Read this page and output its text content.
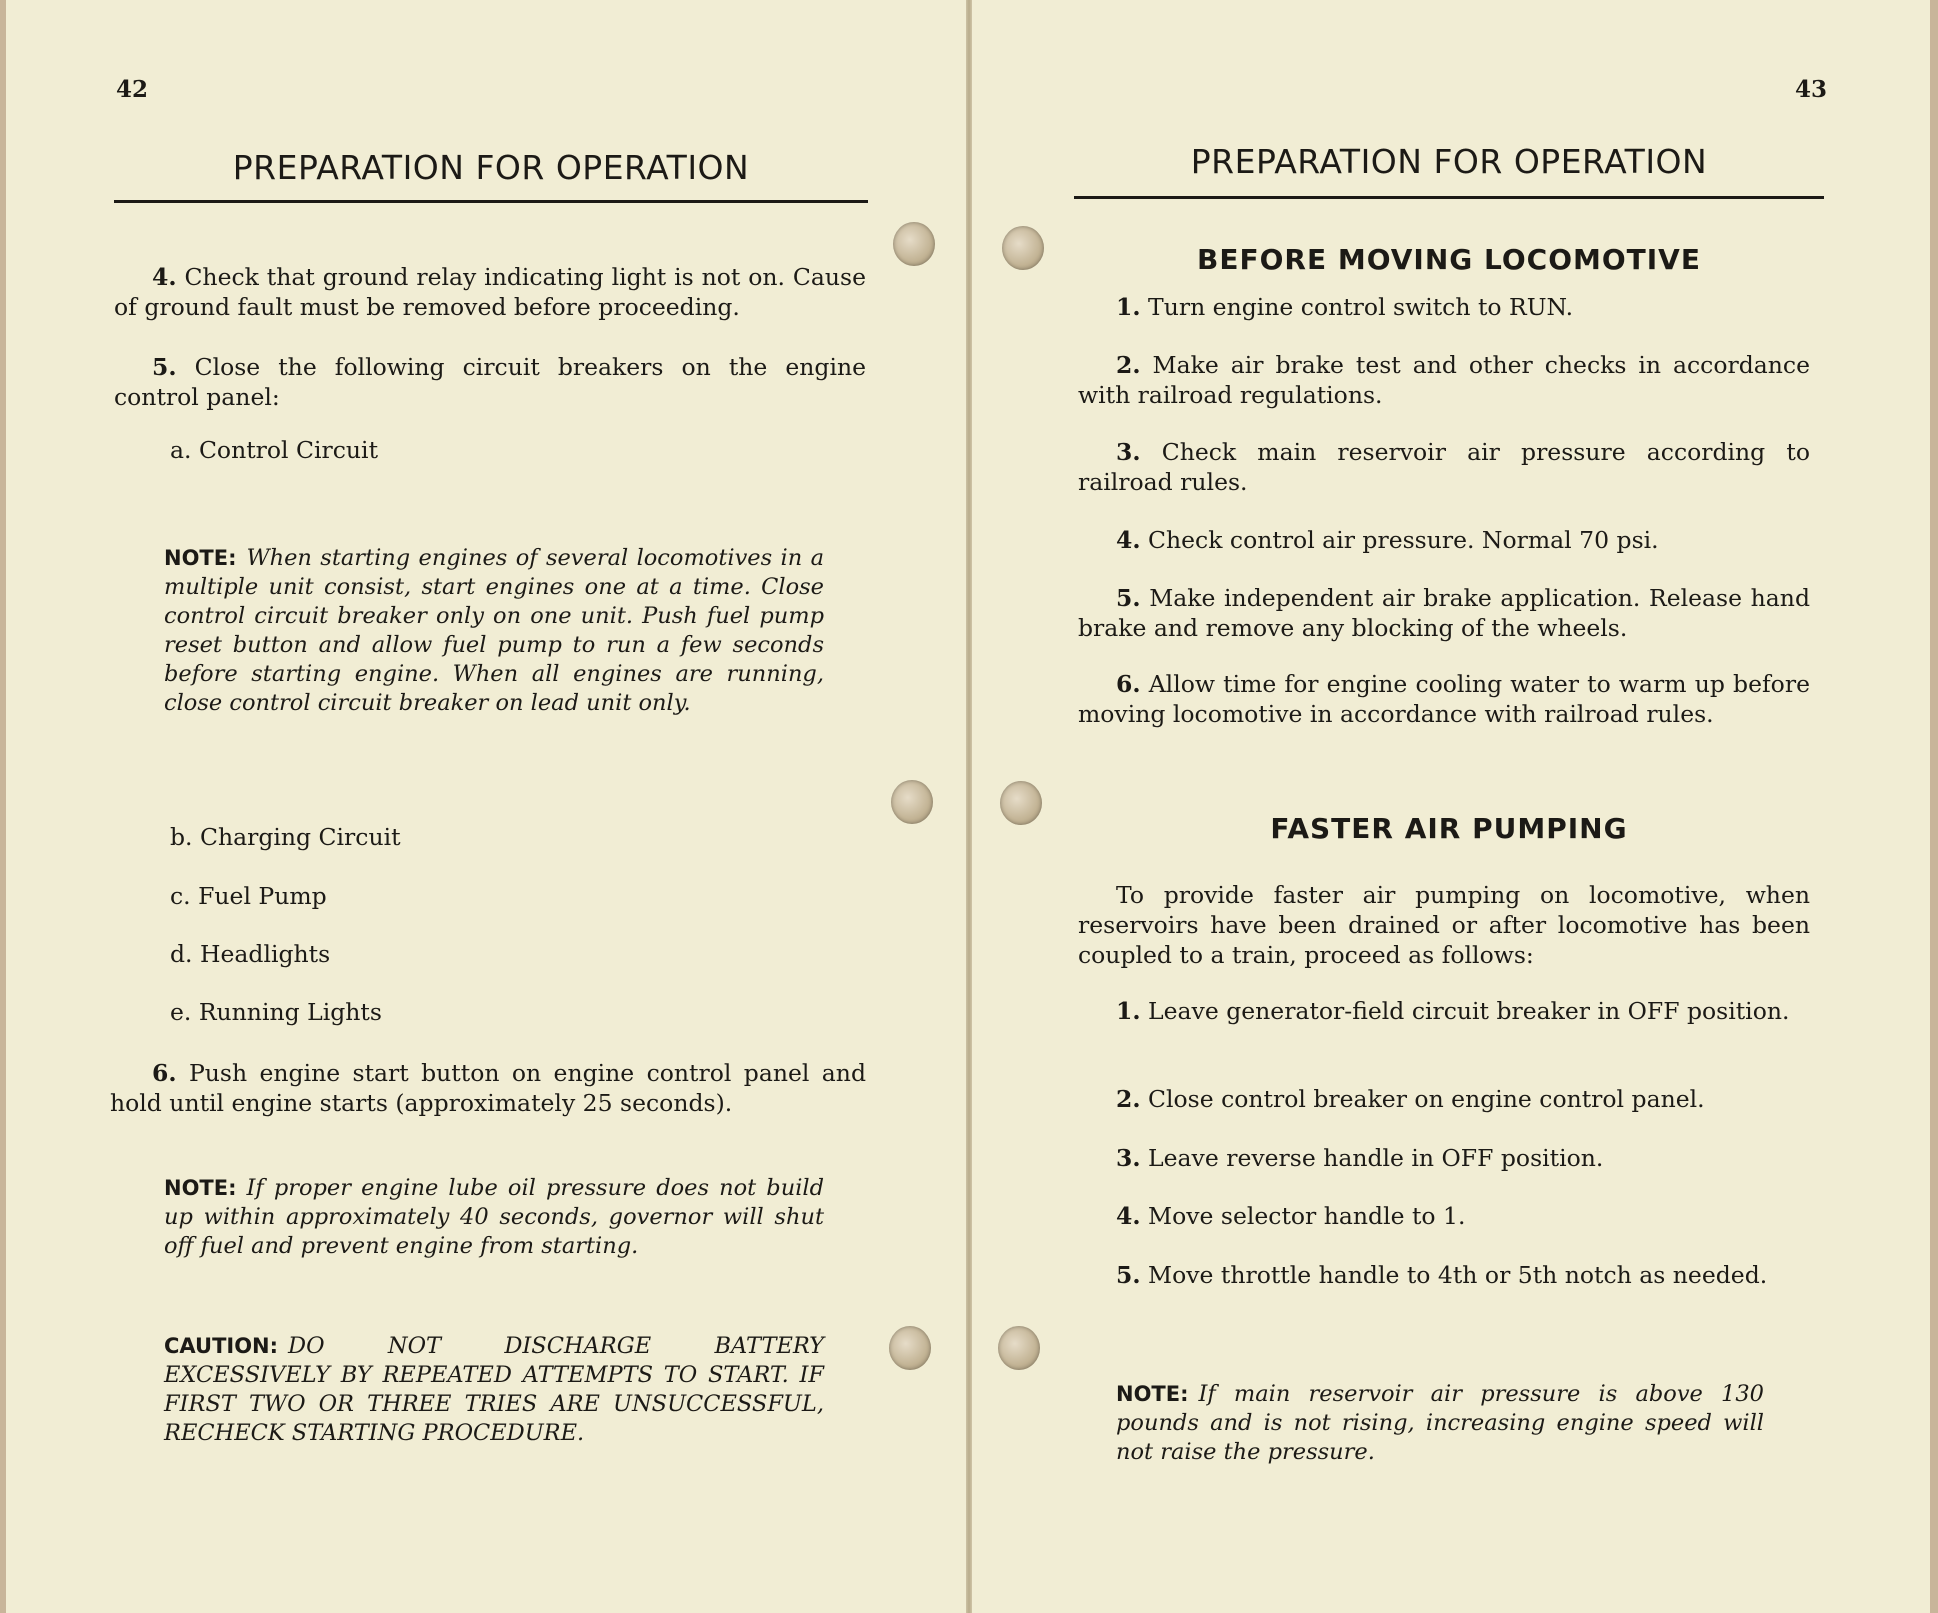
42
PREPARATION FOR OPERATION
4. Check that ground relay indicating light is not on. Cause of ground fault must be removed before proceeding.
5. Close the following circuit breakers on the engine control panel:
a. Control Circuit
NOTE: When starting engines of several locomotives in a multiple unit consist, start engines one at a time. Close control circuit breaker only on one unit. Push fuel pump reset button and allow fuel pump to run a few seconds before starting engine. When all engines are running, close control circuit breaker on lead unit only.
b. Charging Circuit
c. Fuel Pump
d. Headlights
e. Running Lights
6. Push engine start button on engine control panel and hold until engine starts (approximately 25 seconds).
NOTE: If proper engine lube oil pressure does not build up within approximately 40 seconds, governor will shut off fuel and prevent engine from starting.
CAUTION: DO NOT DISCHARGE BATTERY EXCESSIVELY BY REPEATED ATTEMPTS TO START. IF FIRST TWO OR THREE TRIES ARE UNSUCCESSFUL, RECHECK STARTING PROCEDURE.
43
PREPARATION FOR OPERATION
BEFORE MOVING LOCOMOTIVE
1. Turn engine control switch to RUN.
2. Make air brake test and other checks in accordance with railroad regulations.
3. Check main reservoir air pressure according to railroad rules.
4. Check control air pressure. Normal 70 psi.
5. Make independent air brake application. Release hand brake and remove any blocking of the wheels.
6. Allow time for engine cooling water to warm up before moving locomotive in accordance with railroad rules.
FASTER AIR PUMPING
To provide faster air pumping on locomotive, when reservoirs have been drained or after locomotive has been coupled to a train, proceed as follows:
1. Leave generator-field circuit breaker in OFF position.
2. Close control breaker on engine control panel.
3. Leave reverse handle in OFF position.
4. Move selector handle to 1.
5. Move throttle handle to 4th or 5th notch as needed.
NOTE: If main reservoir air pressure is above 130 pounds and is not rising, increasing engine speed will not raise the pressure.
